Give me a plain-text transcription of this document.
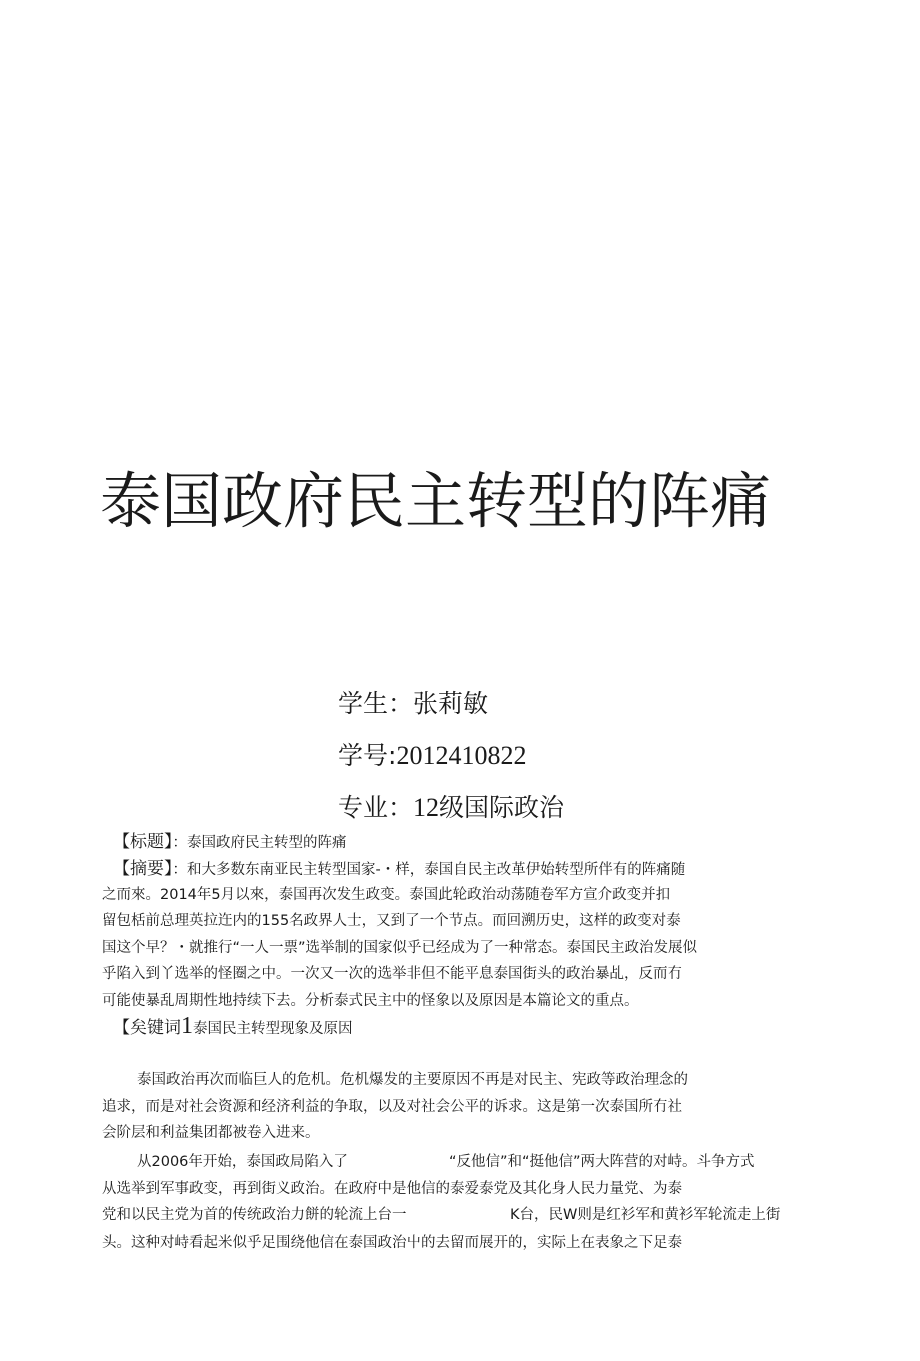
泰国政府民主转型的阵痛
学生：张莉敏
学号:2012410822
专业：12级国际政治
【标题】：泰国政府民主转型的阵痛
【摘要】：和大多数东南亚民主转型国家-・样，泰国自民主改革伊始转型所伴有的阵痛随
之而來。2014年5月以來，泰国再次发生政变。泰国此轮政治动荡随卷军方宣介政变并扣
留包栝前总理英拉迕内的155名政界人士，又到了一个节点。而回溯历史，这样的政变对泰
国这个早？・就推行“一人一票”选举制的国家似乎已经成为了一种常态。泰国民主政治发展似
乎陷入到丫选举的怪圈之中。一次又一次的选举非但不能平息泰国街头的政治暴乩，反而冇
可能使暴乱周期性地持续下去。分析泰式民主中的怪象以及原因是本篇论文的重点。
【矣键词1泰国民主转型现象及原因
泰国政治再次而临巨人的危机。危机爆发的主要原因不再是对民主、宪政等政治理念的
追求，而是对社会资源和经济利益的争取，以及对社会公平的诉求。这是第一次泰国所冇社
会阶层和利益集团都被卷入进来。
从2006年开始，泰国政局陷入了	“反他信”和“挺他信”两大阵营的对峙。斗争方式
从选举到军事政变，再到街义政治。在政府中是他信的泰爱泰党及其化身人民力量党、为泰
党和以民主党为首的传统政治力餅的轮流上台一	K台，民W则是红衫军和黄衫军轮流走上街
头。这种对峙看起米似乎足围绕他信在泰国政治屮的去留而展开的，实际上在表象之下足泰
